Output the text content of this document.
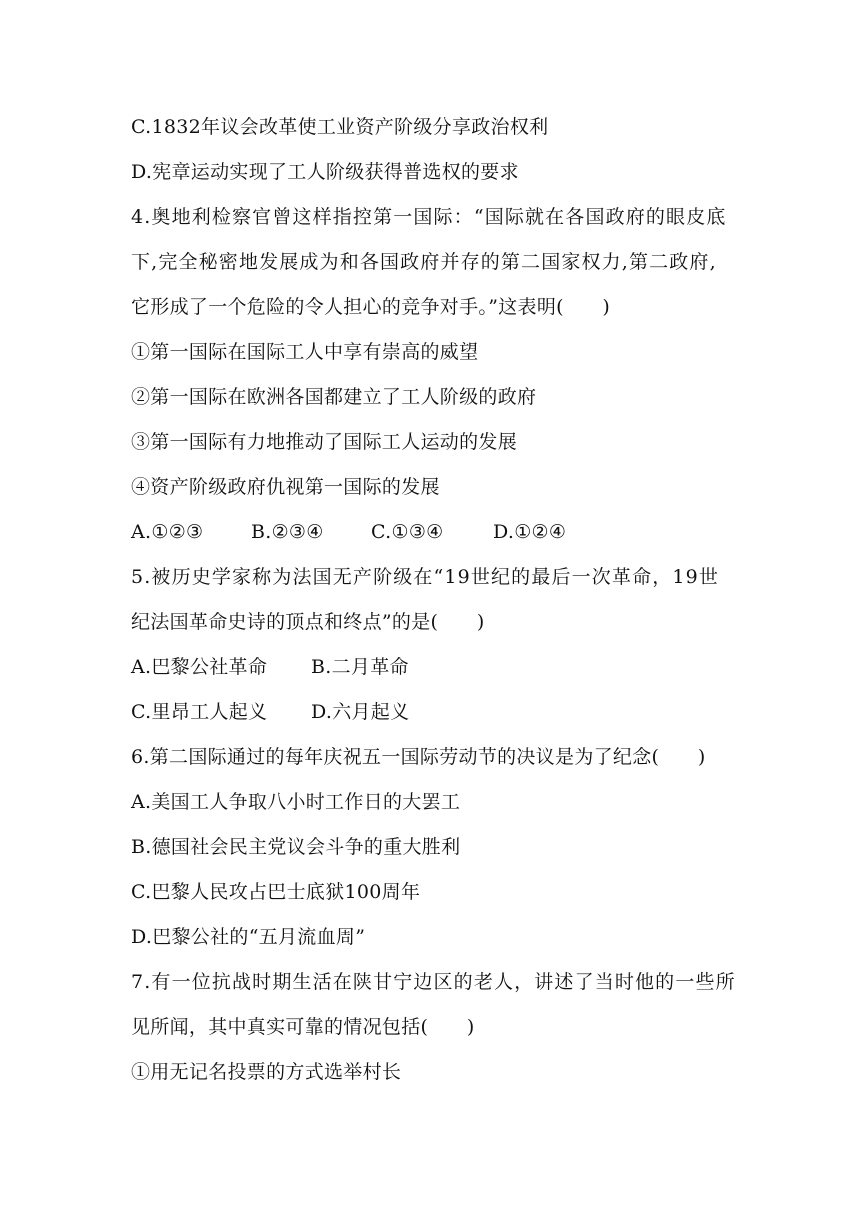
C.1832年议会改革使工业资产阶级分享政治权利
D.宪章运动实现了工人阶级获得普选权的要求
4.奥地利检察官曾这样指控第一国际：“国际就在各国政府的眼皮底
下,完全秘密地发展成为和各国政府并存的第二国家权力,第二政府,
它形成了一个危险的令人担心的竞争对手。”这表明(　　)
①第一国际在国际工人中享有崇高的威望
②第一国际在欧洲各国都建立了工人阶级的政府
③第一国际有力地推动了国际工人运动的发展
④资产阶级政府仇视第一国际的发展
A.①②③	B.②③④ C.①③④	D.①②④
5.被历史学家称为法国无产阶级在“19世纪的最后一次革命，19世
纪法国革命史诗的顶点和终点”的是(　　)
A.巴黎公社革命 B.二月革命
C.里昂工人起义 D.六月起义
6.第二国际通过的每年庆祝五一国际劳动节的决议是为了纪念(　　)
A.美国工人争取八小时工作日的大罢工
B.德国社会民主党议会斗争的重大胜利
C.巴黎人民攻占巴士底狱100周年
D.巴黎公社的“五月流血周”
7.有一位抗战时期生活在陕甘宁边区的老人，讲述了当时他的一些所
见所闻，其中真实可靠的情况包括(　　)
①用无记名投票的方式选举村长
